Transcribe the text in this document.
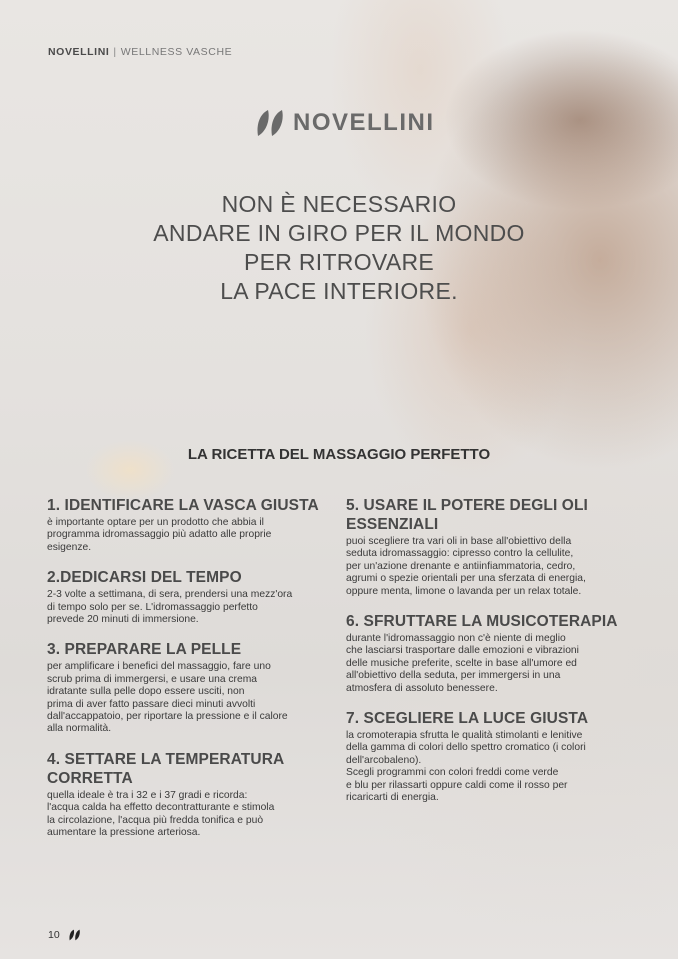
NOVELLINI | WELLNESS VASCHE
NOVELLINI
NON È NECESSARIO
ANDARE IN GIRO PER IL MONDO
PER RITROVARE
LA PACE INTERIORE.
LA RICETTA DEL MASSAGGIO PERFETTO
1. IDENTIFICARE LA VASCA GIUSTA

è importante optare per un prodotto che abbia il
programma idromassaggio più adatto alle proprie
esigenze.

2.DEDICARSI DEL TEMPO

2-3 volte a settimana, di sera, prendersi una mezz'ora
di tempo solo per se. L'idromassaggio perfetto
prevede 20 minuti di immersione.

3. PREPARARE LA PELLE

per amplificare i benefici del massaggio, fare uno
scrub prima di immergersi, e usare una crema
idratante sulla pelle dopo essere usciti, non
prima di aver fatto passare dieci minuti avvolti
dall'accappatoio, per riportare la pressione e il calore
alla normalità.

4. SETTARE LA TEMPERATURA CORRETTA

quella ideale è tra i 32 e i 37 gradi e ricorda:
l'acqua calda ha effetto decontratturante e stimola
la circolazione, l'acqua più fredda tonifica e può
aumentare la pressione arteriosa.

5. USARE IL POTERE DEGLI OLI ESSENZIALI

puoi scegliere tra vari oli in base all'obiettivo della
seduta idromassaggio: cipresso contro la cellulite,
per un'azione drenante e antiinfiammatoria, cedro,
agrumi o spezie orientali per una sferzata di energia,
oppure menta, limone o lavanda per un relax totale.

6. SFRUTTARE LA MUSICOTERAPIA

durante l'idromassaggio non c'è niente di meglio
che lasciarsi trasportare dalle emozioni e vibrazioni
delle musiche preferite, scelte in base all'umore ed
all'obiettivo della seduta, per immergersi in una
atmosfera di assoluto benessere.

7. SCEGLIERE LA LUCE GIUSTA

la cromoterapia sfrutta le qualità stimolanti e lenitive
della gamma di colori dello spettro cromatico (i colori
dell'arcobaleno).
Scegli programmi con colori freddi come verde
e blu per rilassarti oppure caldi come il rosso per
ricaricarti di energia.

10
